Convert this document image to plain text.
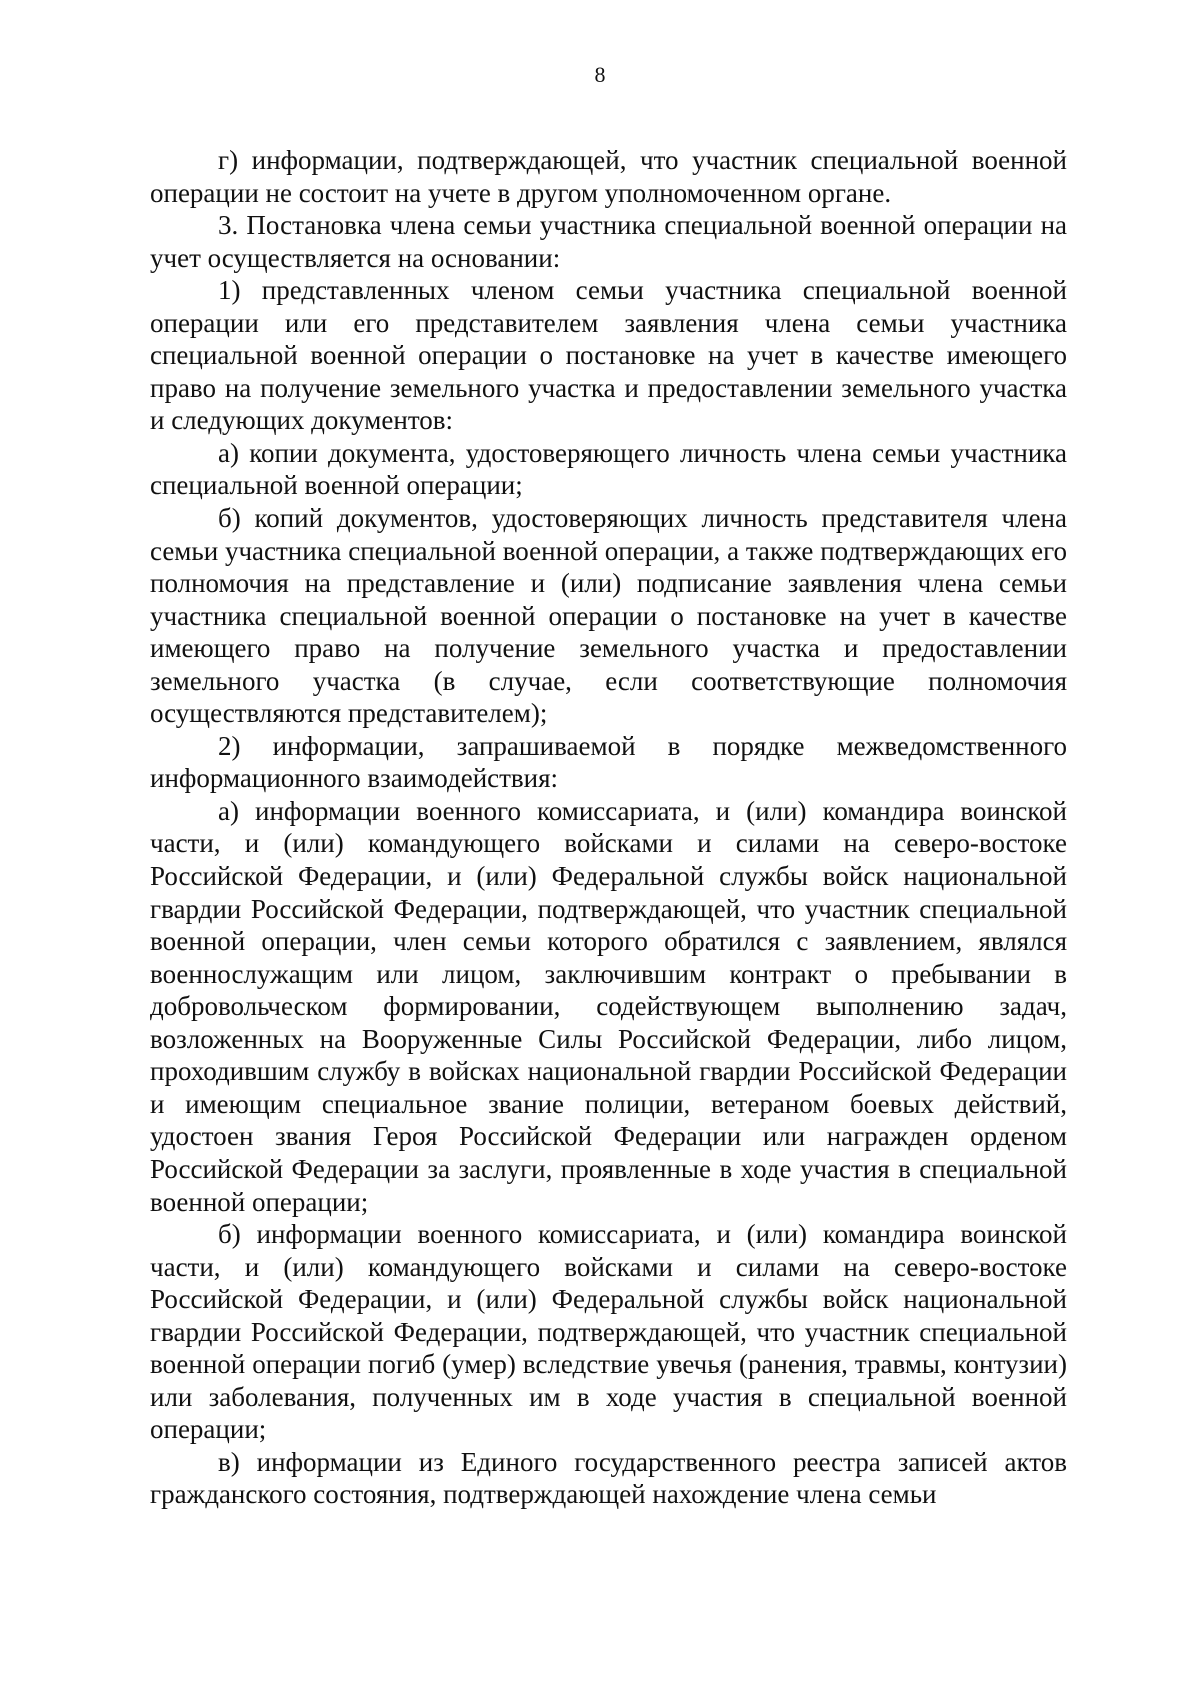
8

г) информации, подтверждающей, что участник специальной военной операции не состоит на учете в другом уполномоченном органе.

3. Постановка члена семьи участника специальной военной операции на учет осуществляется на основании:

1) представленных членом семьи участника специальной военной операции или его представителем заявления члена семьи участника специальной военной операции о постановке на учет в качестве имеющего право на получение земельного участка и предоставлении земельного участка и следующих документов:

а) копии документа, удостоверяющего личность члена семьи участника специальной военной операции;

б) копий документов, удостоверяющих личность представителя члена семьи участника специальной военной операции, а также подтверждающих его полномочия на представление и (или) подписание заявления члена семьи участника специальной военной операции о постановке на учет в качестве имеющего право на получение земельного участка и предоставлении земельного участка (в случае, если соответствующие полномочия осуществляются представителем);

2) информации, запрашиваемой в порядке межведомственного информационного взаимодействия:

а) информации военного комиссариата, и (или) командира воинской части, и (или) командующего войсками и силами на северо-востоке Российской Федерации, и (или) Федеральной службы войск национальной гвардии Российской Федерации, подтверждающей, что участник специальной военной операции, член семьи которого обратился с заявлением, являлся военнослужащим или лицом, заключившим контракт о пребывании в добровольческом формировании, содействующем выполнению задач, возложенных на Вооруженные Силы Российской Федерации, либо лицом, проходившим службу в войсках национальной гвардии Российской Федерации и имеющим специальное звание полиции, ветераном боевых действий, удостоен звания Героя Российской Федерации или награжден орденом Российской Федерации за заслуги, проявленные в ходе участия в специальной военной операции;

б) информации военного комиссариата, и (или) командира воинской части, и (или) командующего войсками и силами на северо-востоке Российской Федерации, и (или) Федеральной службы войск национальной гвардии Российской Федерации, подтверждающей, что участник специальной военной операции погиб (умер) вследствие увечья (ранения, травмы, контузии) или заболевания, полученных им в ходе участия в специальной военной операции;

в) информации из Единого государственного реестра записей актов гражданского состояния, подтверждающей нахождение члена семьи
